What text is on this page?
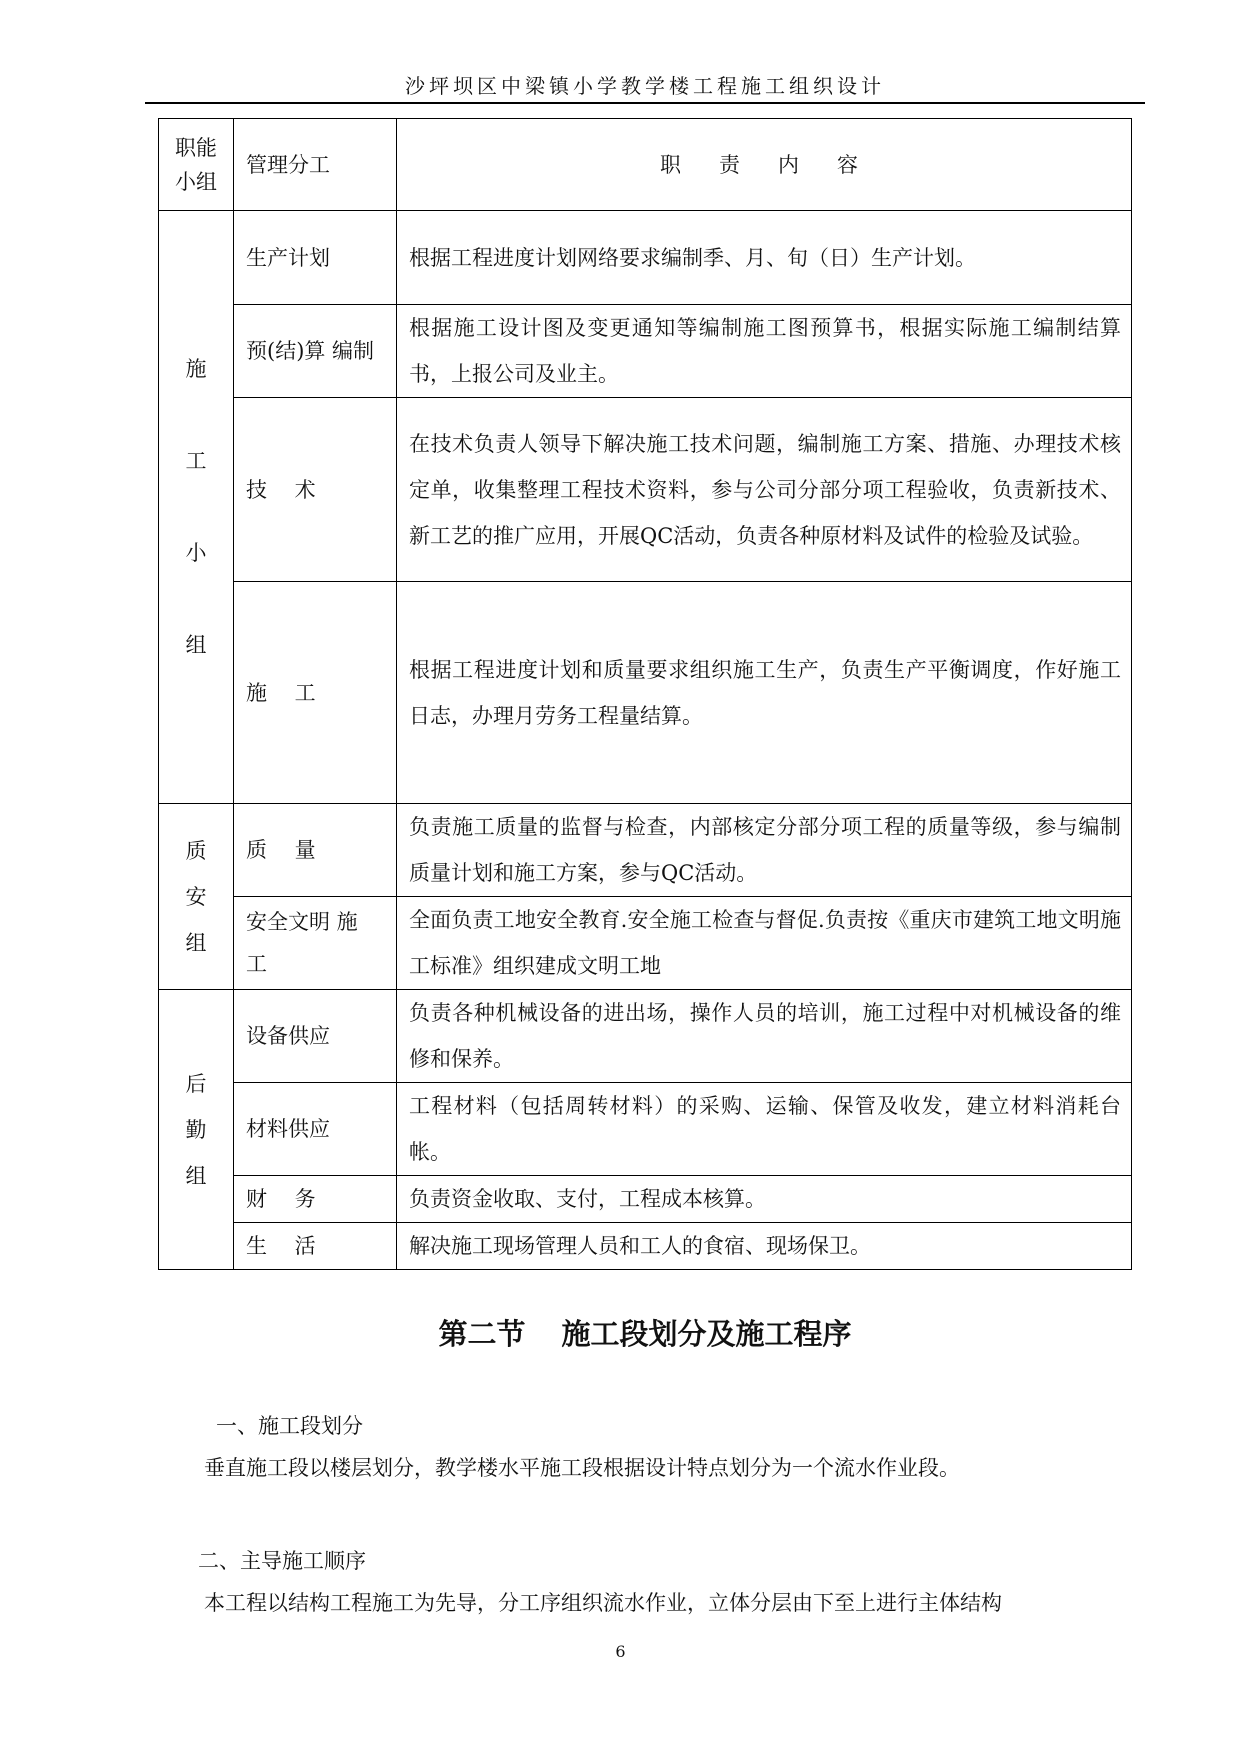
沙坪坝区中梁镇小学教学楼工程施工组织设计
职能
小组	管理分工	职责内容

施
工
小
组	生产计划	根据工程进度计划网络要求编制季、月、旬（日）生产计划。
	预(结)算 编制	根据施工设计图及变更通知等编制施工图预算书，根据实际施工编制结算书，上报公司及业主。
	技　 术	在技术负责人领导下解决施工技术问题，编制施工方案、措施、办理技术核定单，收集整理工程技术资料，参与公司分部分项工程验收，负责新技术、新工艺的推广应用，开展QC活动，负责各种原材料及试件的检验及试验。
	施　 工	根据工程进度计划和质量要求组织施工生产，负责生产平衡调度，作好施工日志，办理月劳务工程量结算。

质
安
组	质　 量	负责施工质量的监督与检查，内部核定分部分项工程的质量等级，参与编制质量计划和施工方案，参与QC活动。
	安全文明 施　 工	全面负责工地安全教育.安全施工检查与督促.负责按《重庆市建筑工地文明施工标准》组织建成文明工地

后
勤
组	设备供应	负责各种机械设备的进出场，操作人员的培训，施工过程中对机械设备的维修和保养。
	材料供应	工程材料（包括周转材料）的采购、运输、保管及收发，建立材料消耗台帐。
	财　 务	负责资金收取、支付，工程成本核算。
	生　 活	解决施工现场管理人员和工人的食宿、现场保卫。
第二节 施工段划分及施工程序
一、施工段划分
垂直施工段以楼层划分，教学楼水平施工段根据设计特点划分为一个流水作业段。
二、主导施工顺序
本工程以结构工程施工为先导，分工序组织流水作业，立体分层由下至上进行主体结构
6
